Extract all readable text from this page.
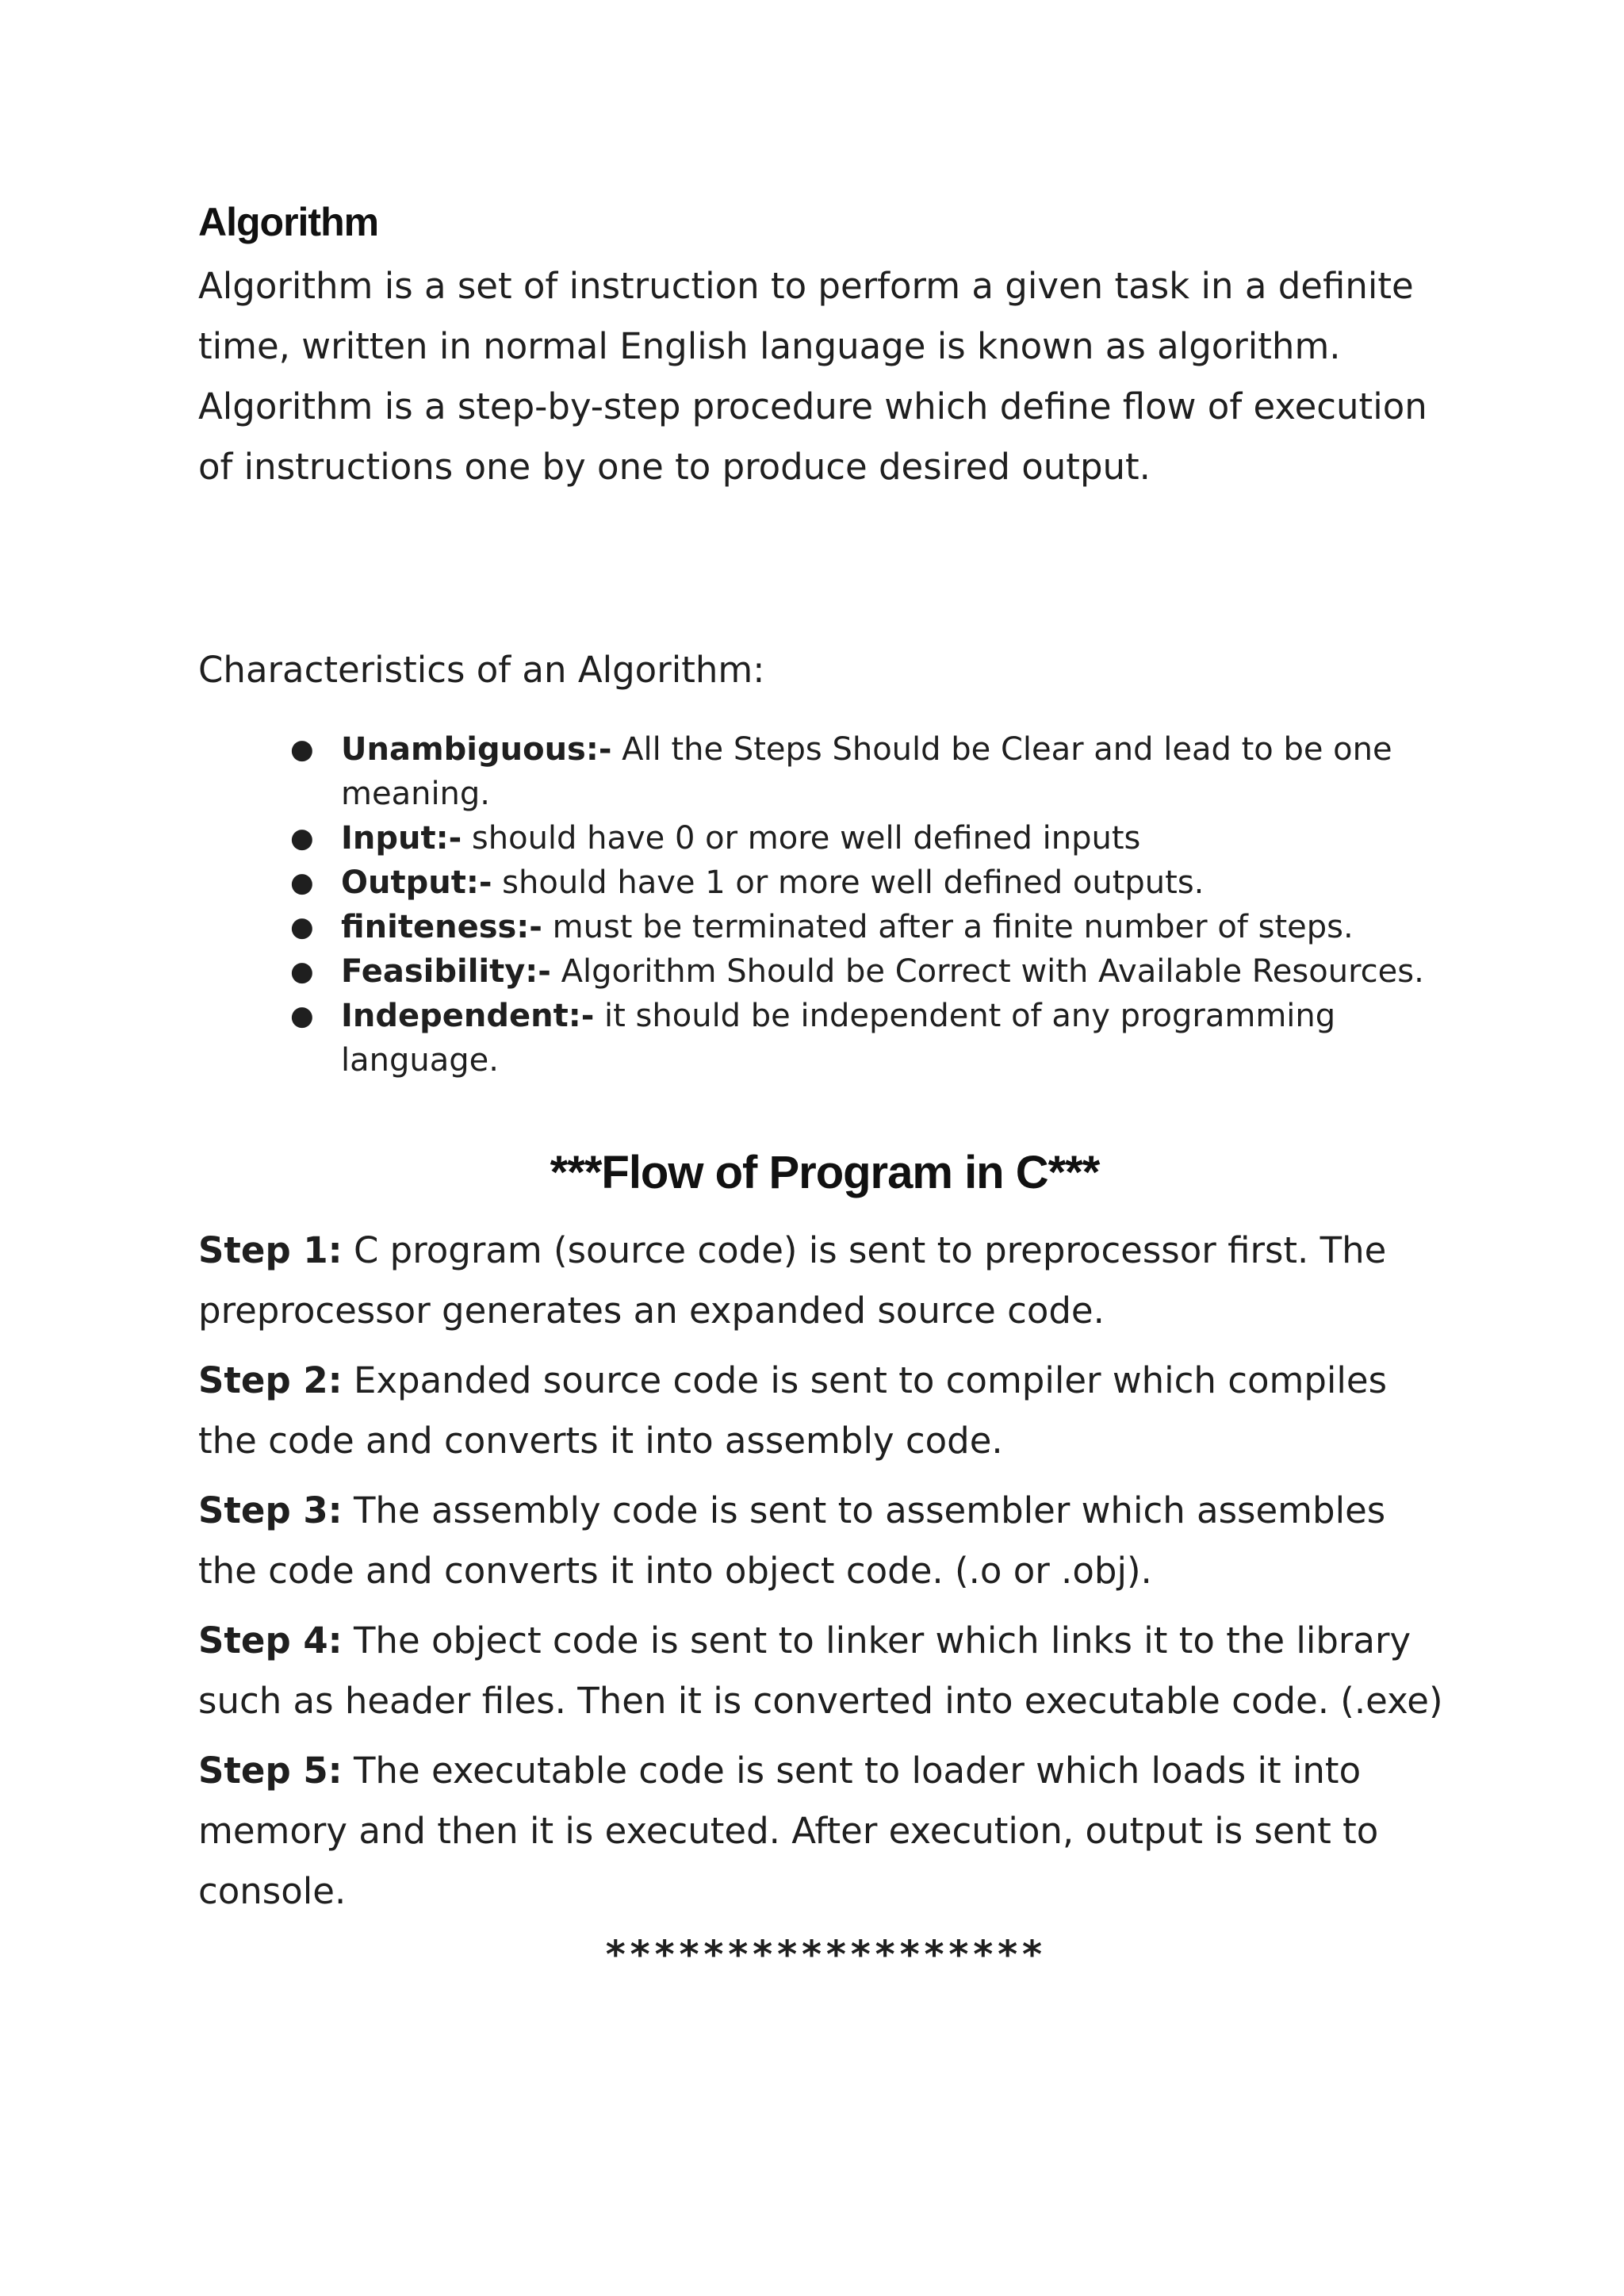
Algorithm

Algorithm is a set of instruction to perform a given task in a definite time, written in normal English language is known as algorithm. Algorithm is a step-by-step procedure which define flow of execution of instructions one by one to produce desired output.

Characteristics of an Algorithm:

● Unambiguous:- All the Steps Should be Clear and lead to be one meaning.
● Input:- should have 0 or more well defined inputs
● Output:- should have 1 or more well defined outputs.
● finiteness:- must be terminated after a finite number of steps.
● Feasibility:- Algorithm Should be Correct with Available Resources.
● Independent:- it should be independent of any programming language.
***Flow of Program in C***

Step 1: C program (source code) is sent to preprocessor first. The preprocessor generates an expanded source code.

Step 2: Expanded source code is sent to compiler which compiles the code and converts it into assembly code.

Step 3: The assembly code is sent to assembler which assembles the code and converts it into object code. (.o or .obj).

Step 4: The object code is sent to linker which links it to the library such as header files. Then it is converted into executable code. (.exe)

Step 5: The executable code is sent to loader which loads it into memory and then it is executed. After execution, output is sent to console.

******************
